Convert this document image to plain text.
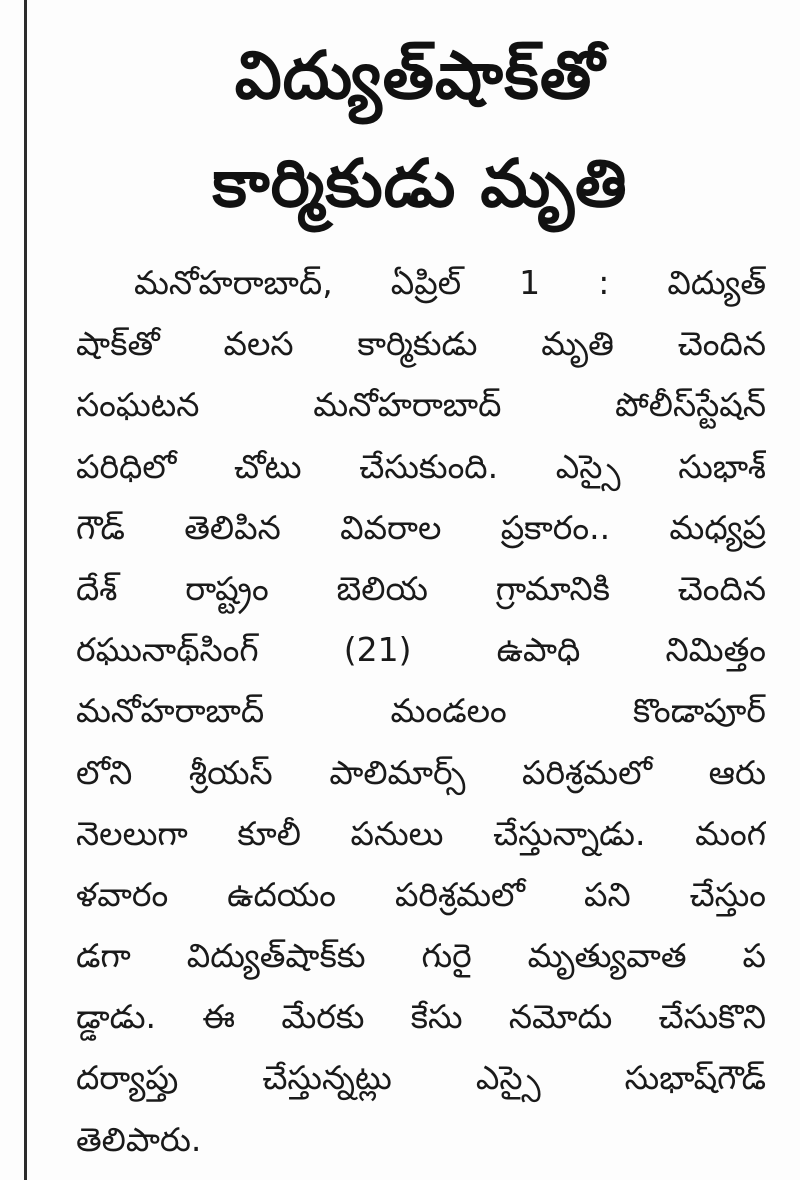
విద్యుత్‌షాక్‌తో
కార్మికుడు మృతి
మనోహరాబాద్‌, ఏప్రిల్‌ 1 : విద్యుత్‌
షాక్‌తో వలస కార్మికుడు మృతి చెందిన
సంఘటన మనోహరాబాద్‌ పోలీస్‌స్టేషన్‌
పరిధిలో చోటు చేసుకుంది. ఎస్సై సుభాశ్‌
గౌడ్‌ తెలిపిన వివరాల ప్రకారం.. మధ్యప్ర
దేశ్‌ రాష్ట్రం బెలియ గ్రామానికి చెందిన
రఘునాథ్‌సింగ్‌ (21) ఉపాధి నిమిత్తం
మనోహరాబాద్‌ మండలం కొండాపూర్‌
లోని శ్రీయస్‌ పాలిమార్స్‌ పరిశ్రమలో ఆరు
నెలలుగా కూలీ పనులు చేస్తున్నాడు. మంగ
ళవారం ఉదయం పరిశ్రమలో పని చేస్తుం
డగా విద్యుత్‌షాక్‌కు గురై మృత్యువాత ప
డ్డాడు. ఈ మేరకు కేసు నమోదు చేసుకొని
దర్యాప్తు చేస్తున్నట్లు ఎస్సై సుభాష్‌గౌడ్‌
తెలిపారు.
